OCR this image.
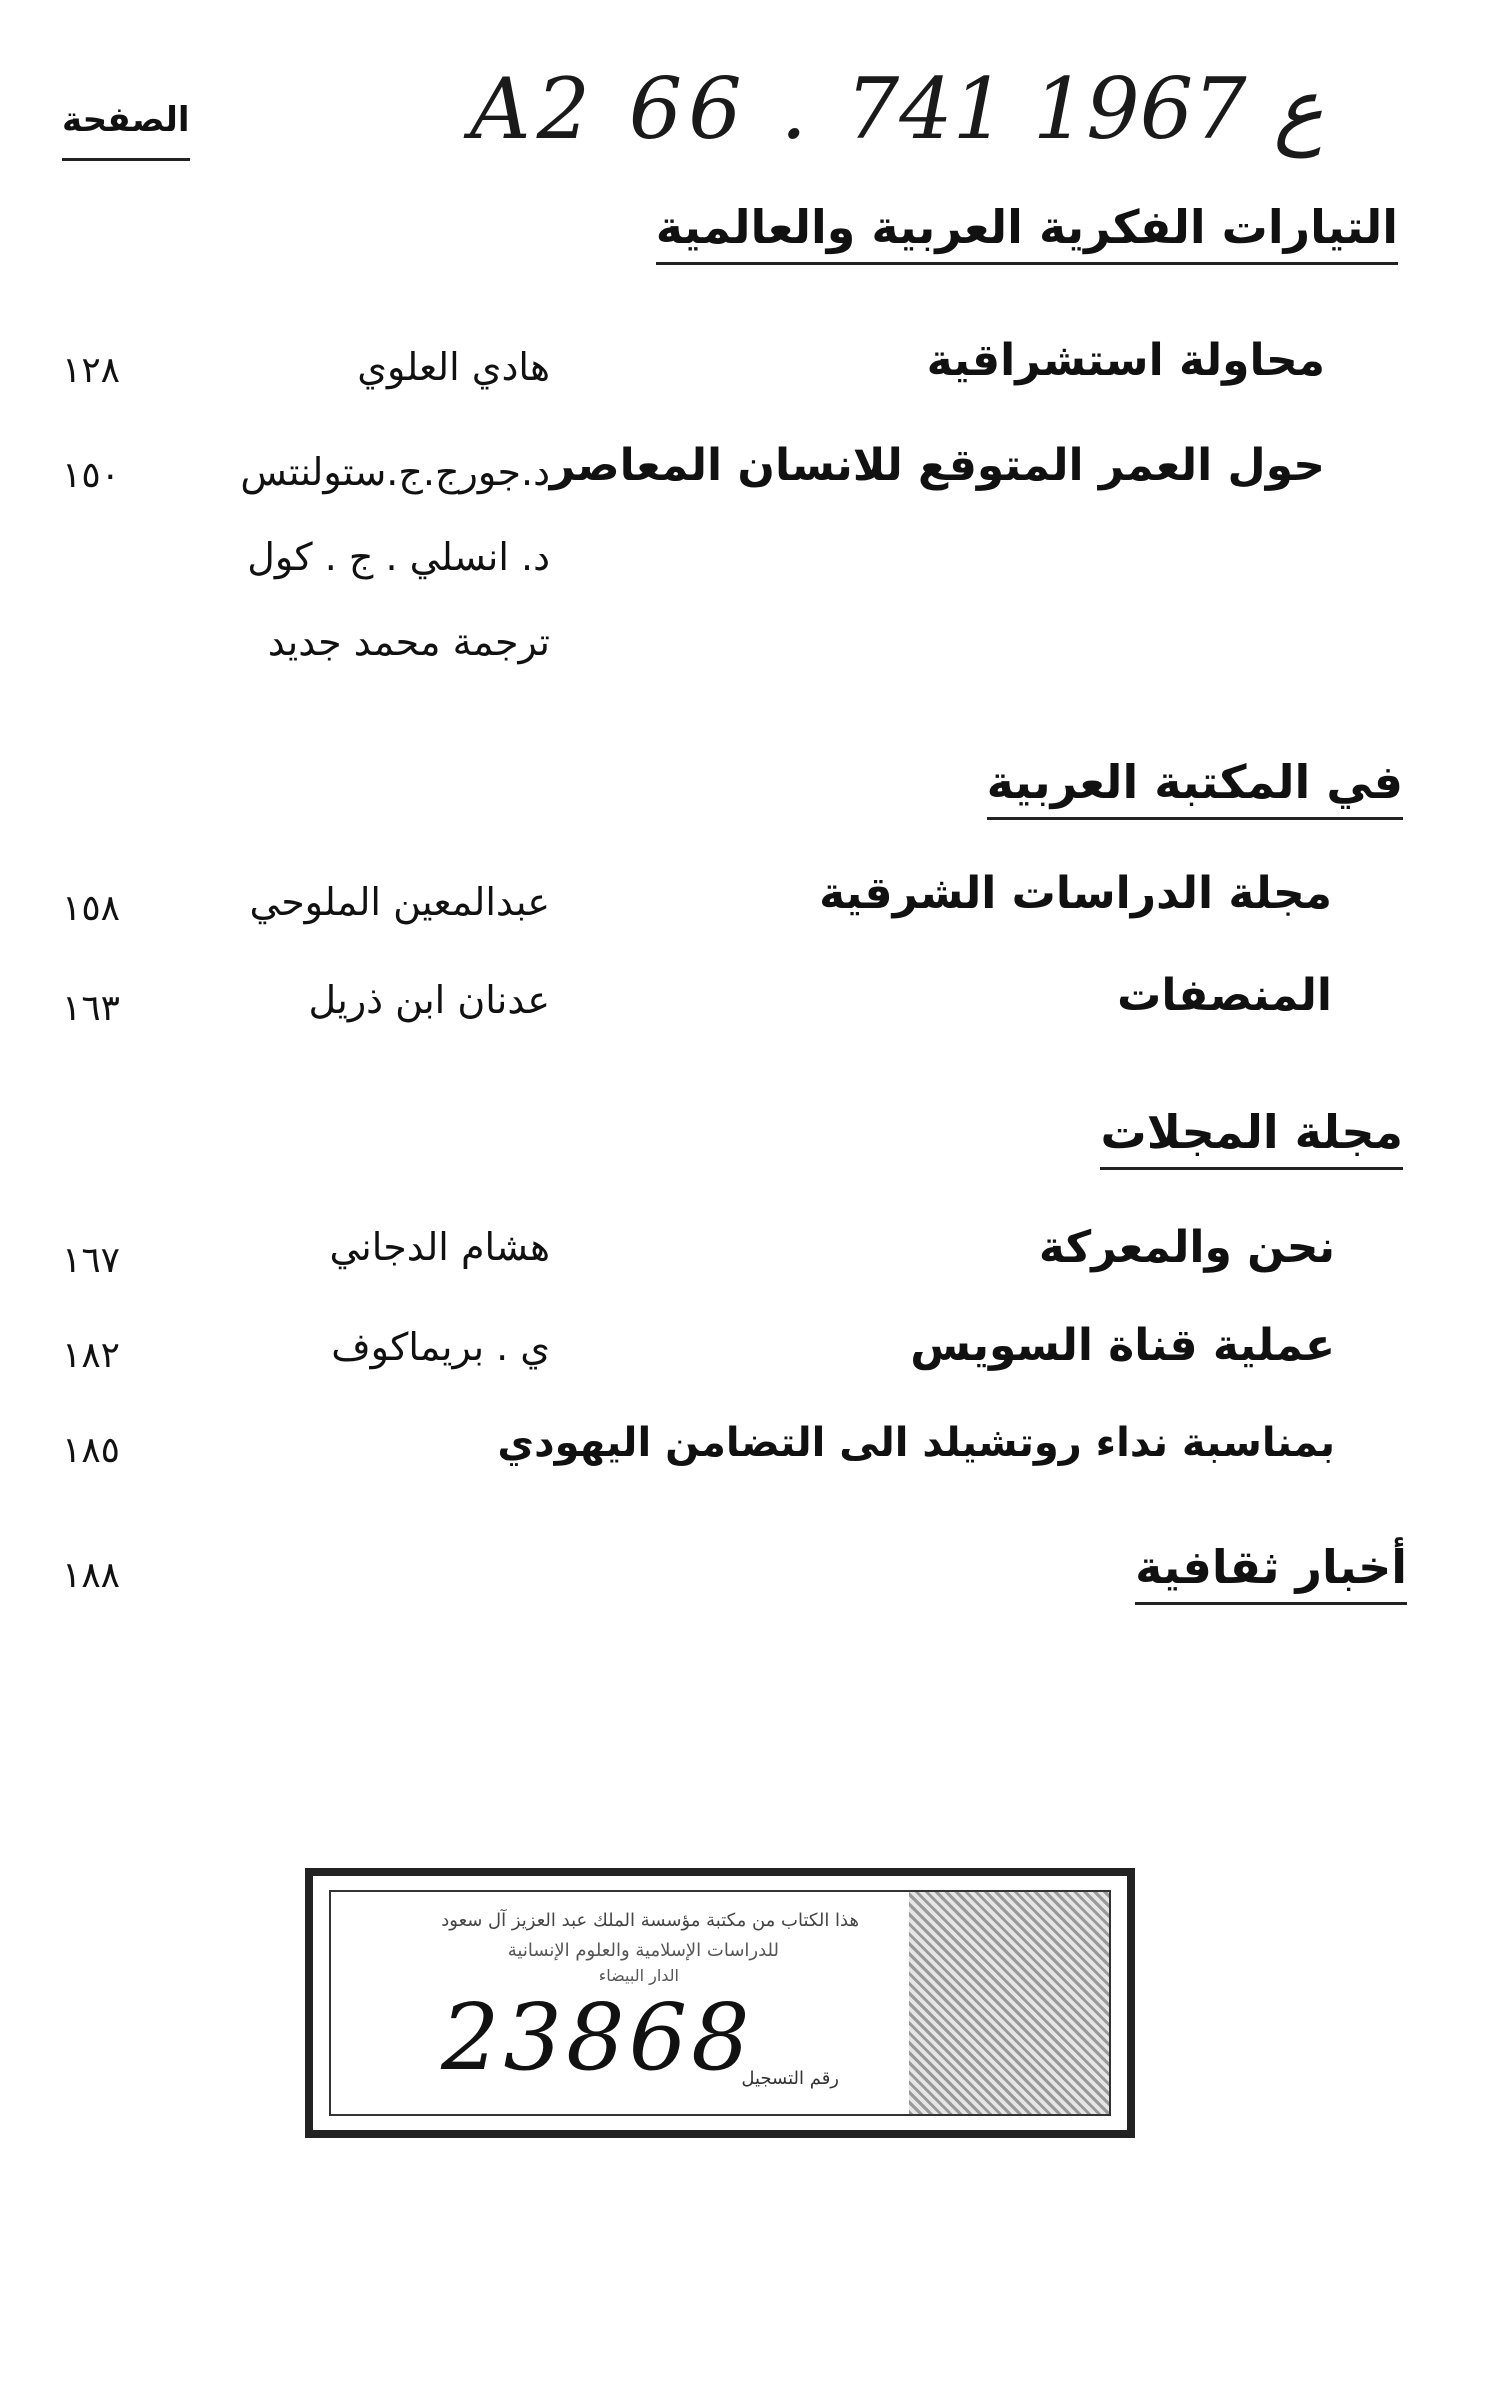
A2 66 . ع 1967 741
الصفحة
التيارات الفكرية العربية والعالمية
محاولة استشراقية
هادي العلوي
١٢٨
حول العمر المتوقع للانسان المعاصر
د.جورج.ج.ستولنتس
د. انسلي . ج . كول
ترجمة محمد جديد
١٥٠
في المكتبة العربية
مجلة الدراسات الشرقية
عبدالمعين الملوحي
١٥٨
المنصفات
عدنان ابن ذريل
١٦٣
مجلة المجلات
نحن والمعركة
هشام الدجاني
١٦٧
عملية قناة السويس
ي . بريماكوف
١٨٢
بمناسبة نداء روتشيلد الى التضامن اليهودي
١٨٥
أخبار ثقافية
١٨٨
هذا الكتاب من مكتبة مؤسسة الملك عبد العزيز آل سعود
للدراسات الإسلامية والعلوم الإنسانية
الدار البيضاء
23868
رقم التسجيل
